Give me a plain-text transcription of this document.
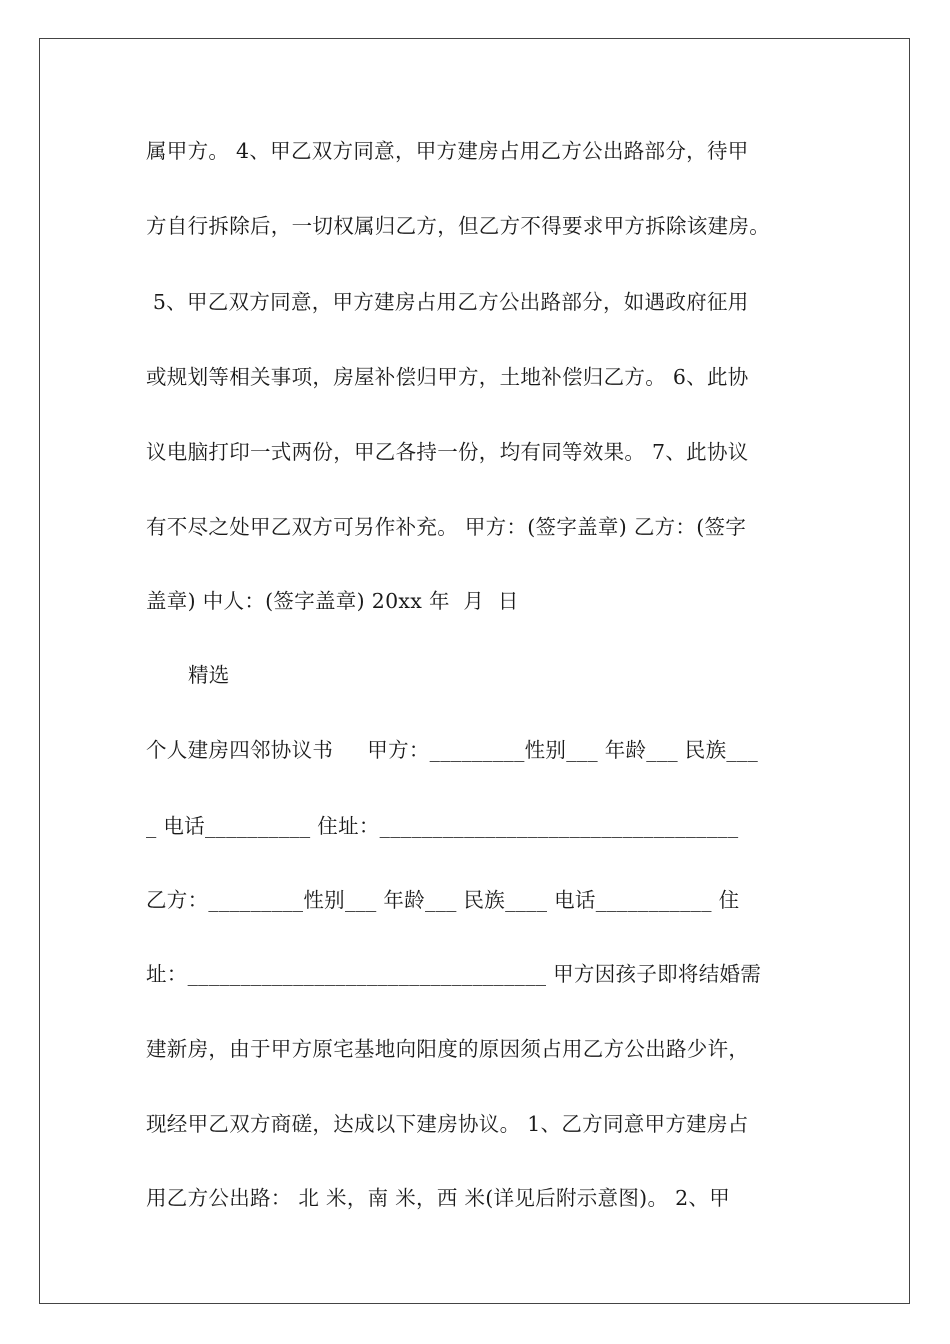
属甲方。 4、甲乙双方同意，甲方建房占用乙方公出路部分，待甲
方自行拆除后，一切权属归乙方，但乙方不得要求甲方拆除该建房。
5、甲乙双方同意，甲方建房占用乙方公出路部分，如遇政府征用
或规划等相关事项，房屋补偿归甲方，土地补偿归乙方。 6、此协
议电脑打印一式两份，甲乙各持一份，均有同等效果。 7、此协议
有不尽之处甲乙双方可另作补充。 甲方：(签字盖章) 乙方：(签字
盖章) 中人：(签字盖章) 20xx 年  月  日
精选
个人建房四邻协议书     甲方：_________性别___ 年龄___ 民族___
_ 电话__________ 住址：__________________________________
乙方：_________性别___ 年龄___ 民族____ 电话___________ 住
址：__________________________________ 甲方因孩子即将结婚需
建新房，由于甲方原宅基地向阳度的原因须占用乙方公出路少许，
现经甲乙双方商磋，达成以下建房协议。 1、乙方同意甲方建房占
用乙方公出路： 北 米，南 米，西 米(详见后附示意图)。 2、甲
